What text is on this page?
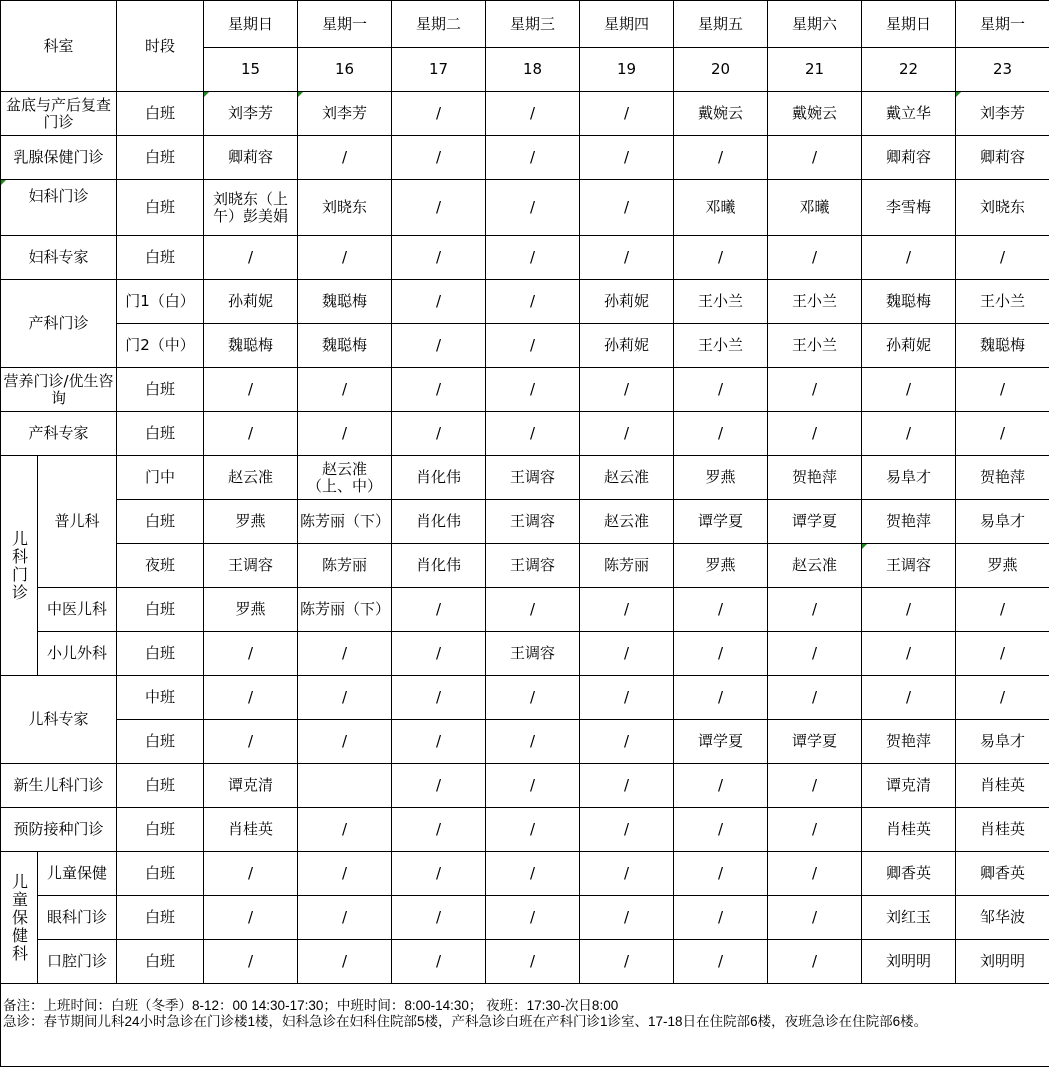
科室		时段	星期日	星期一	星期二	星期三	星期四	星期五	星期六	星期日	星期一
			15	16	17	18	19	20	21	22	23
盆底与产后复查门诊		白班	刘李芳	刘李芳	/	/	/	戴婉云	戴婉云	戴立华	刘李芳

乳腺保健门诊		白班	卿莉容	/	/	/	/	/	/	卿莉容	卿莉容
妇科门诊		白班	刘晓东（上午）彭美娟	刘晓东	/	/	/	邓曦	邓曦	李雪梅	刘晓东
妇科专家		白班	/	/	/	/	/	/	/	/	/
产科门诊		门1（白）	孙莉妮	魏聪梅	/	/	孙莉妮	王小兰	王小兰	魏聪梅	王小兰
		门2（中）	魏聪梅	魏聪梅	/	/	孙莉妮	王小兰	王小兰	孙莉妮	魏聪梅
营养门诊/优生咨询		白班	/	/	/	/	/	/	/	/	/
产科专家		白班	/	/	/	/	/	/	/	/	/
儿科门诊	普儿科	门中	赵云准	赵云准（上、中）	肖化伟	王调容	赵云准	罗燕	贺艳萍	易阜才	贺艳萍
		白班	罗燕	陈芳丽（下）	肖化伟	王调容	赵云准	谭学夏	谭学夏	贺艳萍	易阜才
		夜班	王调容	陈芳丽	肖化伟	王调容	陈芳丽	罗燕	赵云准	王调容	罗燕
	中医儿科	白班	罗燕	陈芳丽（下）	/	/	/	/	/	/	/
	小儿外科	白班	/	/	/	王调容	/	/	/	/	/
儿科专家		中班	/	/	/	/	/	/	/	/	/
		白班	/	/	/	/	/	谭学夏	谭学夏	贺艳萍	易阜才
新生儿科门诊		白班	谭克清		/	/	/	/	/	谭克清	肖桂英
预防接种门诊		白班	肖桂英	/	/	/	/	/	/	肖桂英	肖桂英
儿童保健科	儿童保健	白班	/	/	/	/	/	/	/	卿香英	卿香英
	眼科门诊	白班	/	/	/	/	/	/	/	刘红玉	邹华波
	口腔门诊	白班	/	/	/	/	/	/	/	刘明明	刘明明

备注：上班时间：白班（冬季）8-12：00 14:30-17:30；中班时间：8:00-14:30； 夜班：17:30-次日8:00
急诊：春节期间儿科24小时急诊在门诊楼1楼，妇科急诊在妇科住院部5楼，产科急诊白班在产科门诊1诊室、17-18日在住院部6楼，夜班急诊在住院部6楼。											
